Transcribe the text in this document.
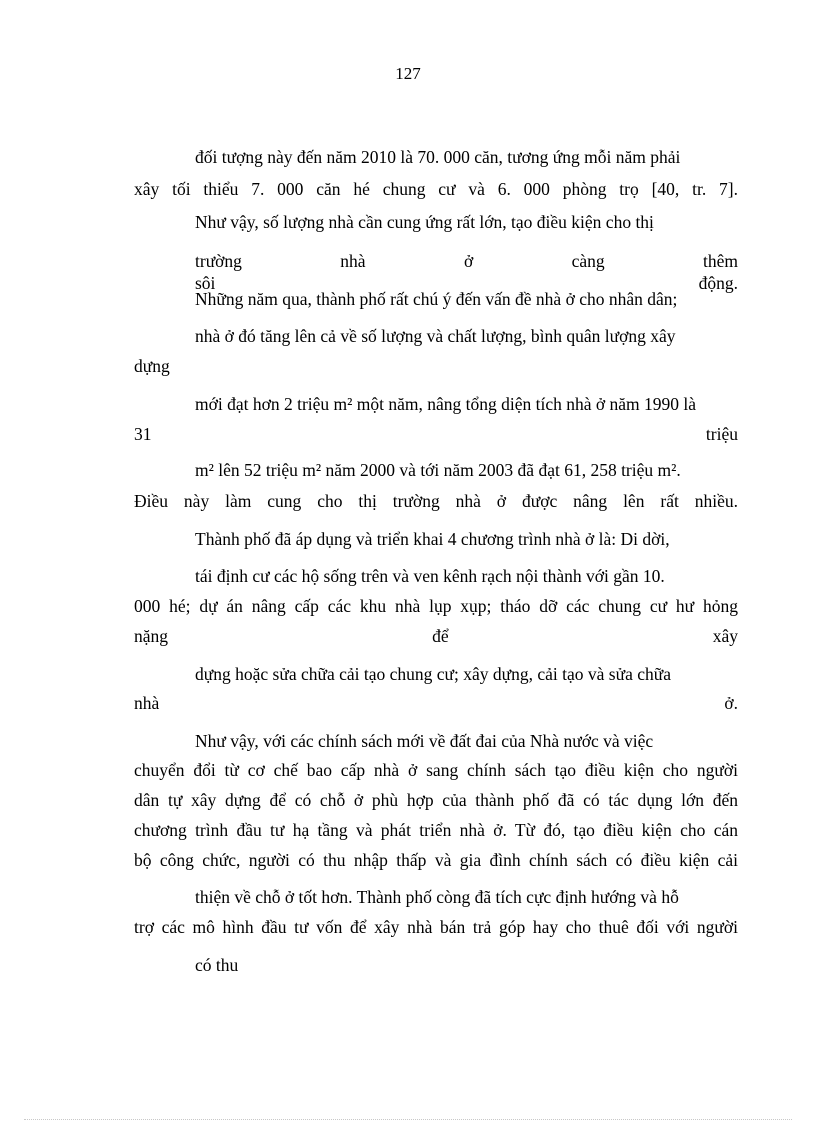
127
đối tượng này đến năm 2010 là 70. 000 căn, tương ứng mỗi năm phải
xây tối thiểu 7. 000 căn hé chung cư và 6. 000 phòng trọ [40, tr. 7].
Như vậy, số lượng nhà cần cung ứng rất lớn, tạo điều kiện cho thị
trường nhà ở càng thêm sôi động.
Những năm qua, thành phố rất chú ý đến vấn đề nhà ở cho nhân dân;
nhà ở đó tăng lên cả về số lượng và chất lượng, bình quân lượng xây
dựng
mới đạt hơn 2 triệu m² một năm, nâng tổng diện tích nhà ở năm 1990 là
31 triệu
m² lên 52 triệu m² năm 2000 và tới năm 2003 đã đạt 61, 258 triệu m².
Điều này làm cung cho thị trường nhà ở được nâng lên rất nhiều.
Thành phố đã áp dụng và triển khai 4 chương trình nhà ở là: Di dời,
tái định cư các hộ sống trên và ven kênh rạch nội thành với gần 10.
000 hé; dự án nâng cấp các khu nhà lụp xụp; tháo dỡ các chung cư hư hỏng
nặng để xây
dựng hoặc sửa chữa cải tạo chung cư; xây dựng, cải tạo và sửa chữa
nhà ở.
Như vậy, với các chính sách mới về đất đai của Nhà nước và việc
chuyển đổi từ cơ chế bao cấp nhà ở sang chính sách tạo điều kiện cho người
dân tự xây dựng để có chỗ ở phù hợp của thành phố đã có tác dụng lớn đến
chương trình đầu tư hạ tầng và phát triển nhà ở. Từ đó, tạo điều kiện cho cán
bộ công chức, người có thu nhập thấp và gia đình chính sách có điều kiện cải
thiện về chỗ ở tốt hơn. Thành phố còng đã tích cực định hướng và hỗ
trợ các mô hình đầu tư vốn để xây nhà bán trả góp hay cho thuê đối với người
có thu
